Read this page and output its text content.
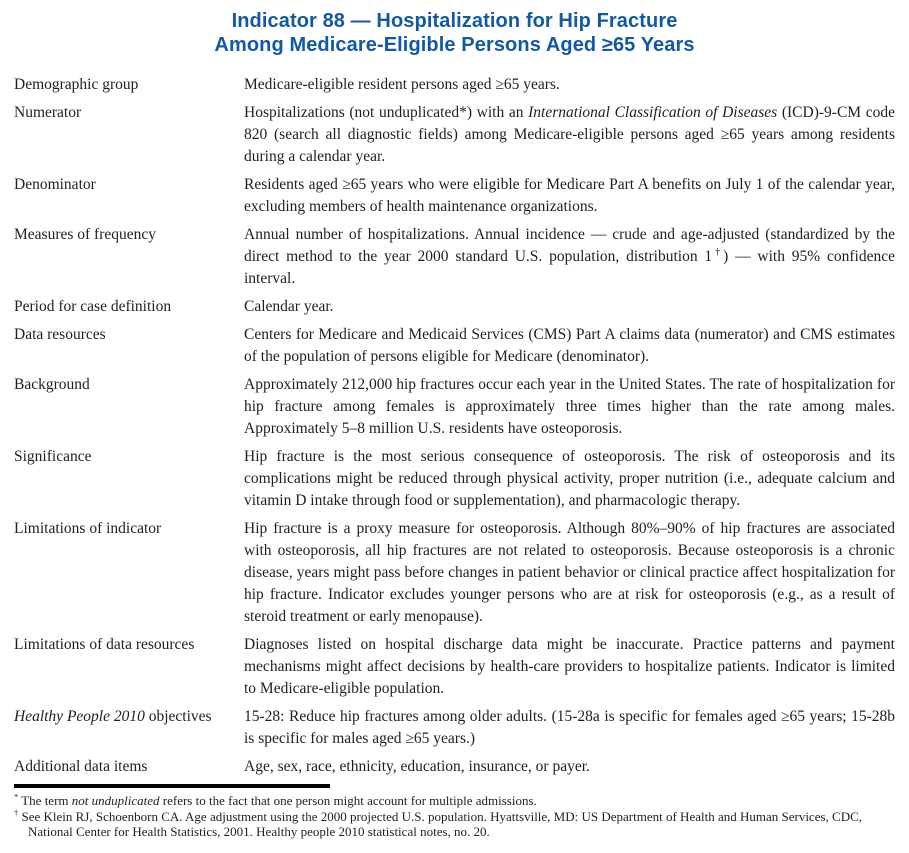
Indicator 88 — Hospitalization for Hip Fracture
Among Medicare-Eligible Persons Aged ≥65 Years
Demographic group	Medicare-eligible resident persons aged ≥65 years.
Numerator	Hospitalizations (not unduplicated*) with an International Classification of Diseases (ICD)-9-CM code 820 (search all diagnostic fields) among Medicare-eligible persons aged ≥65 years among residents during a calendar year.
Denominator	Residents aged ≥65 years who were eligible for Medicare Part A benefits on July 1 of the calendar year, excluding members of health maintenance organizations.
Measures of frequency	Annual number of hospitalizations. Annual incidence — crude and age-adjusted (standardized by the direct method to the year 2000 standard U.S. population, distribution 1†) — with 95% confidence interval.
Period for case definition	Calendar year.
Data resources	Centers for Medicare and Medicaid Services (CMS) Part A claims data (numerator) and CMS estimates of the population of persons eligible for Medicare (denominator).
Background	Approximately 212,000 hip fractures occur each year in the United States. The rate of hospitalization for hip fracture among females is approximately three times higher than the rate among males. Approximately 5–8 million U.S. residents have osteoporosis.
Significance	Hip fracture is the most serious consequence of osteoporosis. The risk of osteoporosis and its complications might be reduced through physical activity, proper nutrition (i.e., adequate calcium and vitamin D intake through food or supplementation), and pharmacologic therapy.
Limitations of indicator	Hip fracture is a proxy measure for osteoporosis. Although 80%–90% of hip fractures are associated with osteoporosis, all hip fractures are not related to osteoporosis. Because osteoporosis is a chronic disease, years might pass before changes in patient behavior or clinical practice affect hospitalization for hip fracture. Indicator excludes younger persons who are at risk for osteoporosis (e.g., as a result of steroid treatment or early menopause).
Limitations of data resources	Diagnoses listed on hospital discharge data might be inaccurate. Practice patterns and payment mechanisms might affect decisions by health-care providers to hospitalize patients. Indicator is limited to Medicare-eligible population.
Healthy People 2010 objectives	15-28: Reduce hip fractures among older adults. (15-28a is specific for females aged ≥65 years; 15-28b is specific for males aged ≥65 years.)
Additional data items	Age, sex, race, ethnicity, education, insurance, or payer.
* The term not unduplicated refers to the fact that one person might account for multiple admissions.
† See Klein RJ, Schoenborn CA. Age adjustment using the 2000 projected U.S. population. Hyattsville, MD: US Department of Health and Human Services, CDC, National Center for Health Statistics, 2001. Healthy people 2010 statistical notes, no. 20.
